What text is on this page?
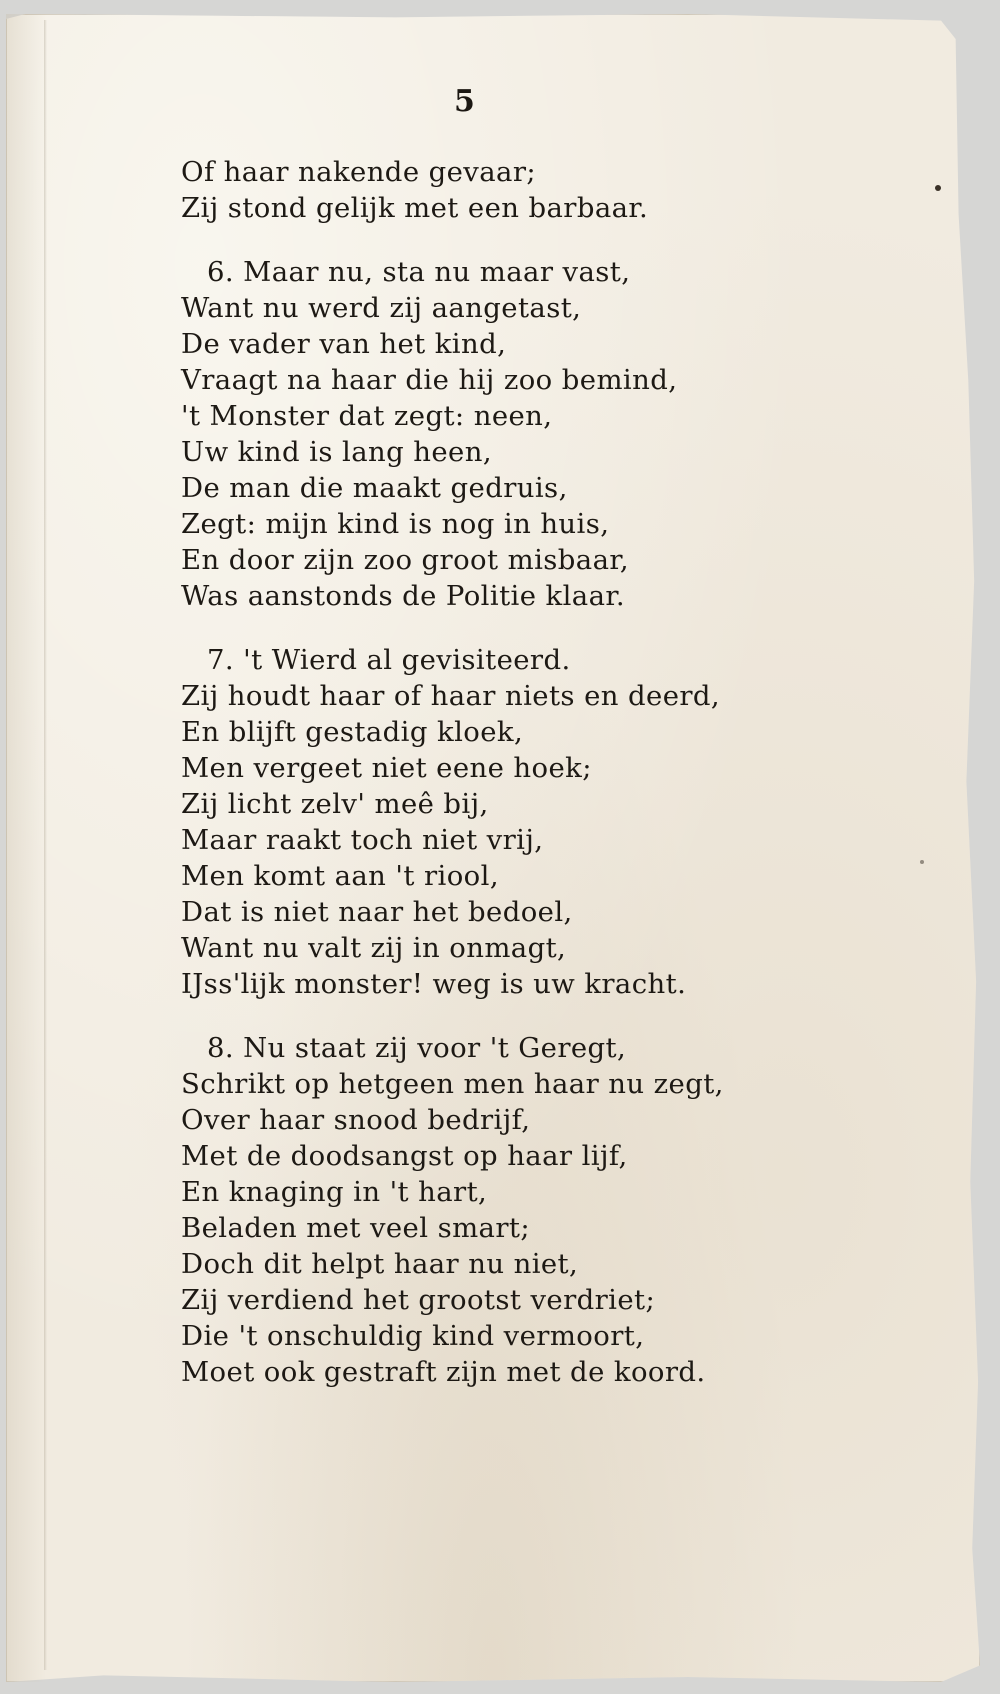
5
Of haar nakende gevaar;
Zij stond gelijk met een barbaar.
6. Maar nu, sta nu maar vast,
Want nu werd zij aangetast,
De vader van het kind,
Vraagt na haar die hij zoo bemind,
't Monster dat zegt: neen,
Uw kind is lang heen,
De man die maakt gedruis,
Zegt: mijn kind is nog in huis,
En door zijn zoo groot misbaar,
Was aanstonds de Politie klaar.
7. 't Wierd al gevisiteerd.
Zij houdt haar of haar niets en deerd,
En blijft gestadig kloek,
Men vergeet niet eene hoek;
Zij licht zelv' meê bij,
Maar raakt toch niet vrij,
Men komt aan 't riool,
Dat is niet naar het bedoel,
Want nu valt zij in onmagt,
IJss'lijk monster! weg is uw kracht.
8. Nu staat zij voor 't Geregt,
Schrikt op hetgeen men haar nu zegt,
Over haar snood bedrijf,
Met de doodsangst op haar lijf,
En knaging in 't hart,
Beladen met veel smart;
Doch dit helpt haar nu niet,
Zij verdiend het grootst verdriet;
Die 't onschuldig kind vermoort,
Moet ook gestraft zijn met de koord.
